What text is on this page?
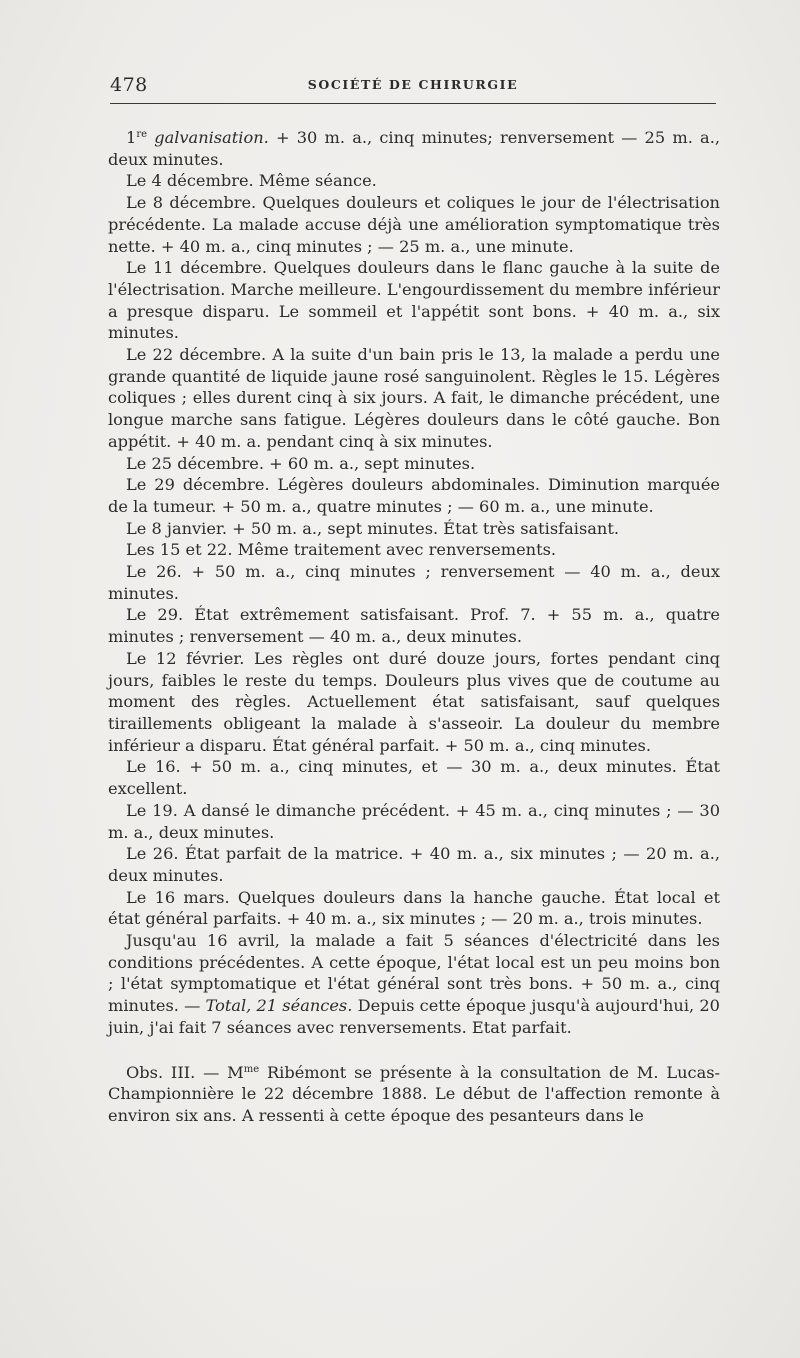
478	SOCIÉTÉ DE CHIRURGIE

1re galvanisation. + 30 m. a., cinq minutes; renversement — 25 m. a., deux minutes.

Le 4 décembre. Même séance.

Le 8 décembre. Quelques douleurs et coliques le jour de l'électrisation précédente. La malade accuse déjà une amélioration symptomatique très nette. + 40 m. a., cinq minutes ; — 25 m. a., une minute.

Le 11 décembre. Quelques douleurs dans le flanc gauche à la suite de l'électrisation. Marche meilleure. L'engourdissement du membre inférieur a presque disparu. Le sommeil et l'appétit sont bons. + 40 m. a., six minutes.

Le 22 décembre. A la suite d'un bain pris le 13, la malade a perdu une grande quantité de liquide jaune rosé sanguinolent. Règles le 15. Légères coliques ; elles durent cinq à six jours. A fait, le dimanche précédent, une longue marche sans fatigue. Légères douleurs dans le côté gauche. Bon appétit. + 40 m. a. pendant cinq à six minutes.

Le 25 décembre. + 60 m. a., sept minutes.

Le 29 décembre. Légères douleurs abdominales. Diminution marquée de la tumeur. + 50 m. a., quatre minutes ; — 60 m. a., une minute.

Le 8 janvier. + 50 m. a., sept minutes. État très satisfaisant.

Les 15 et 22. Même traitement avec renversements.

Le 26. + 50 m. a., cinq minutes ; renversement — 40 m. a., deux minutes.

Le 29. État extrêmement satisfaisant. Prof. 7. + 55 m. a., quatre minutes ; renversement — 40 m. a., deux minutes.

Le 12 février. Les règles ont duré douze jours, fortes pendant cinq jours, faibles le reste du temps. Douleurs plus vives que de coutume au moment des règles. Actuellement état satisfaisant, sauf quelques tiraillements obligeant la malade à s'asseoir. La douleur du membre inférieur a disparu. État général parfait. + 50 m. a., cinq minutes.

Le 16. + 50 m. a., cinq minutes, et — 30 m. a., deux minutes. État excellent.

Le 19. A dansé le dimanche précédent. + 45 m. a., cinq minutes ; — 30 m. a., deux minutes.

Le 26. État parfait de la matrice. + 40 m. a., six minutes ; — 20 m. a., deux minutes.

Le 16 mars. Quelques douleurs dans la hanche gauche. État local et état général parfaits. + 40 m. a., six minutes ; — 20 m. a., trois minutes.

Jusqu'au 16 avril, la malade a fait 5 séances d'électricité dans les conditions précédentes. A cette époque, l'état local est un peu moins bon ; l'état symptomatique et l'état général sont très bons. + 50 m. a., cinq minutes. — Total, 21 séances. Depuis cette époque jusqu'à aujourd'hui, 20 juin, j'ai fait 7 séances avec renversements. Etat parfait.

Obs. III. — $M^{me}$ Ribémont se présente à la consultation de M. Lucas-Championnière le 22 décembre 1888. Le début de l'affection remonte à environ six ans. A ressenti à cette époque des pesanteurs dans le
